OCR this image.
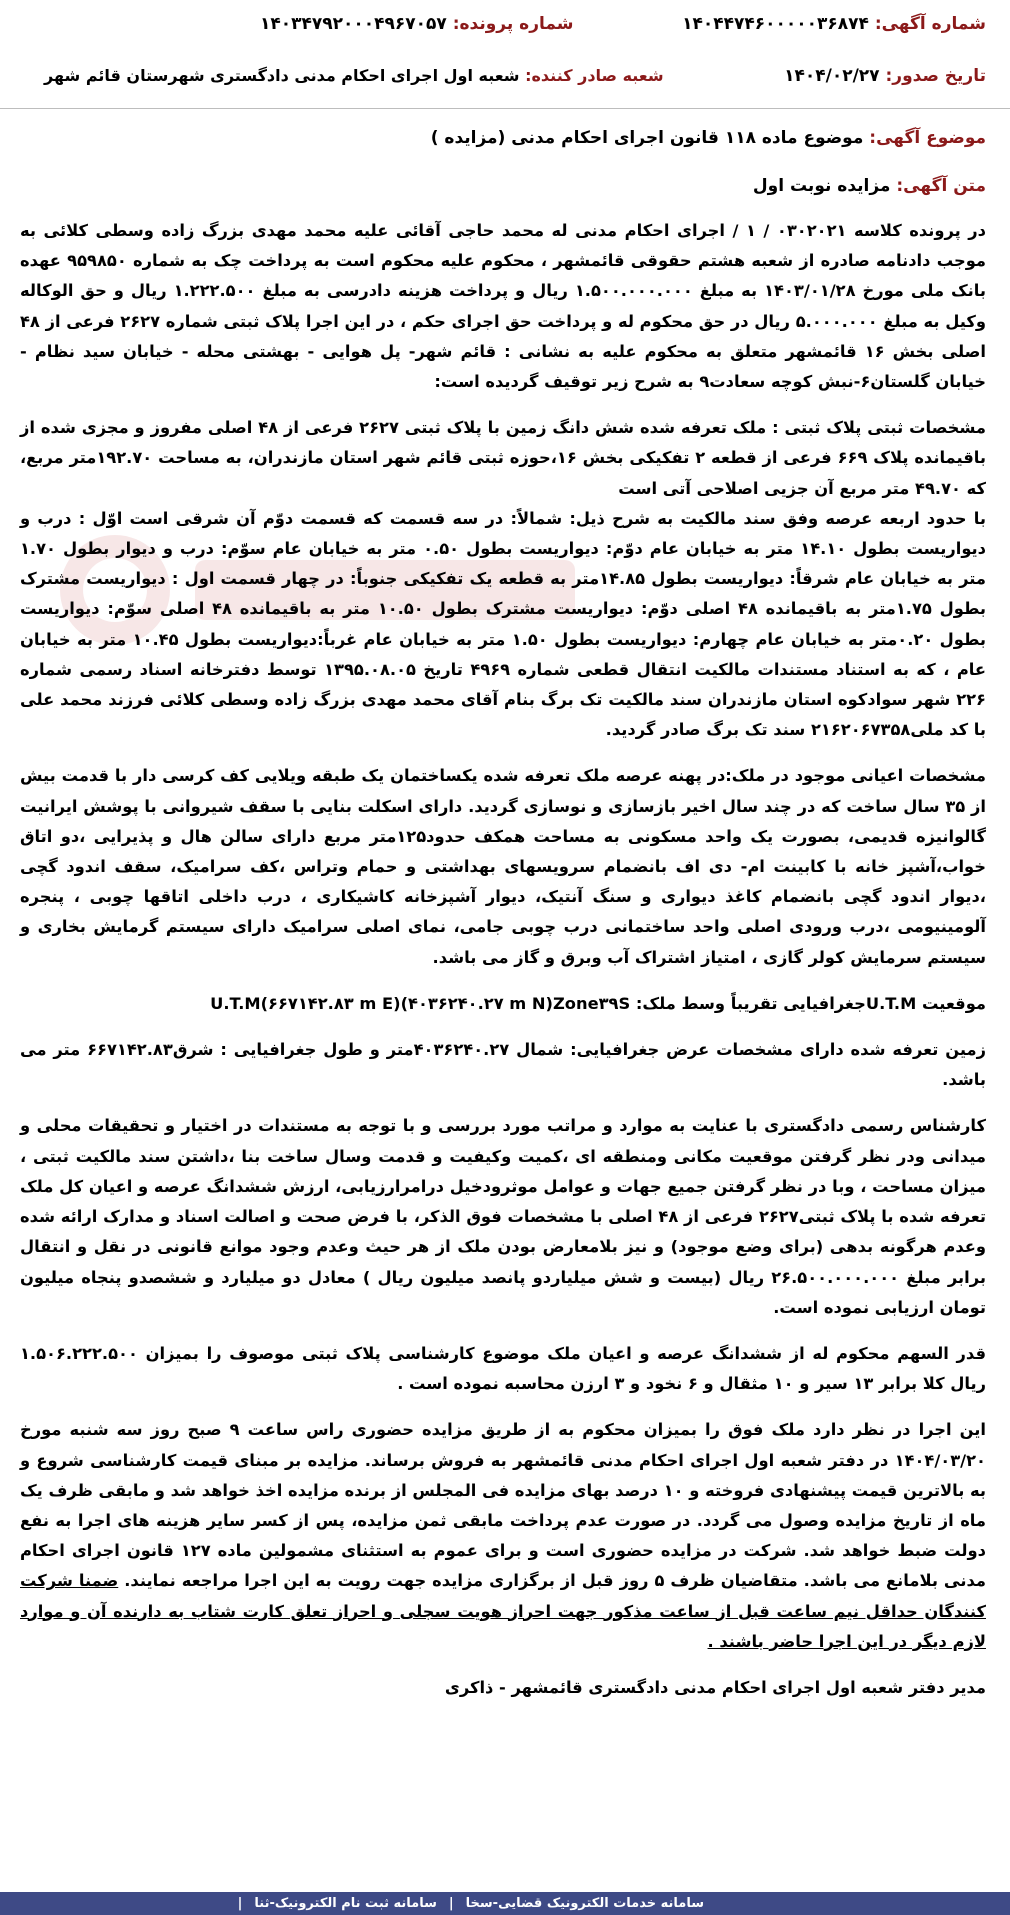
شماره آگهی: ۱۴۰۴۴۷۴۶۰۰۰۰۰۳۶۸۷۴
شماره پرونده: ۱۴۰۳۴۷۹۲۰۰۰۴۹۶۷۰۵۷
تاریخ صدور: ۱۴۰۴/۰۲/۲۷
شعبه صادر کننده: شعبه اول اجرای احکام مدنی دادگستری شهرستان قائم شهر
موضوع آگهی: موضوع ماده ۱۱۸ قانون اجرای احکام مدنی (مزایده )
متن آگهی: مزایده نوبت اول

در پرونده کلاسه ۰۳۰۲۰۲۱ / ۱ / اجرای احکام مدنی له محمد حاجی آقائی علیه محمد مهدی بزرگ زاده وسطی کلائی به موجب دادنامه صادره از شعبه هشتم حقوقی قائمشهر ، محکوم علیه محکوم است به پرداخت چک به شماره ۹۵۹۸۵۰ عهده بانک ملی مورخ ۱۴۰۳/۰۱/۲۸ به مبلغ ۱.۵۰۰.۰۰۰.۰۰۰ ریال و پرداخت هزینه دادرسی به مبلغ ۱.۲۲۲.۵۰۰ ریال و حق الوکاله وکیل به مبلغ ۵.۰۰۰.۰۰۰ ریال در حق محکوم له و پرداخت حق اجرای حکم ، در این اجرا پلاک ثبتی شماره ۲۶۲۷ فرعی از ۴۸ اصلی بخش ۱۶ قائمشهر متعلق به محکوم علیه به نشانی : قائم شهر- پل هوایی - بهشتی محله - خیابان سید نظام - خیابان گلستان۶-نبش کوچه سعادت۹ به شرح زیر توقیف گردیده است:

مشخصات ثبتی پلاک ثبتی : ملک تعرفه شده شش دانگ زمین با پلاک ثبتی ۲۶۲۷ فرعی از ۴۸ اصلی مفروز و مجزی شده از باقیمانده پلاک ۶۶۹ فرعی از قطعه ۲ تفکیکی بخش ۱۶،حوزه ثبتی قائم شهر استان مازندران، به مساحت ۱۹۲.۷۰متر مربع، که ۴۹.۷۰ متر مربع آن جزیی اصلاحی آتی است

با حدود اربعه عرصه وفق سند مالکیت به شرح ذیل: شمالاً: در سه قسمت که قسمت دوّم آن شرقی است اوّل : درب و دیواریست بطول ۱۴.۱۰ متر به خیابان عام دوّم: دیواریست بطول ۰.۵۰ متر به خیابان عام سوّم: درب و دیوار بطول ۱.۷۰ متر به خیابان عام شرقاً: دیواریست بطول ۱۴.۸۵متر به قطعه یک تفکیکی جنوباً: در چهار قسمت اول : دیواریست مشترک بطول ۱.۷۵متر به باقیمانده ۴۸ اصلی دوّم: دیواریست مشترک بطول ۱۰.۵۰ متر به باقیمانده ۴۸ اصلی سوّم: دیواریست بطول ۰.۲۰متر به خیابان عام چهارم: دیواریست بطول ۱.۵۰ متر به خیابان عام غرباً:دیواریست بطول ۱۰.۴۵ متر به خیابان عام ، که به استناد مستندات مالکیت انتقال قطعی شماره ۴۹۶۹ تاریخ ۱۳۹۵.۰۸.۰۵ توسط دفترخانه اسناد رسمی شماره ۲۲۶ شهر سوادکوه استان مازندران سند مالکیت تک برگ بنام آقای محمد مهدی بزرگ زاده وسطی کلائی فرزند محمد علی با کد ملی۲۱۶۲۰۶۷۳۵۸ سند تک برگ صادر گردید.

مشخصات اعیانی موجود در ملک:در پهنه عرصه ملک تعرفه شده یکساختمان یک طبقه ویلایی کف کرسی دار با قدمت بیش از ۳۵ سال ساخت که در چند سال اخیر بازسازی و نوسازی گردید. دارای اسکلت بنایی با سقف شیروانی با پوشش ایرانیت گالوانیزه قدیمی، بصورت یک واحد مسکونی به مساحت همکف حدود۱۲۵متر مربع دارای سالن هال و پذیرایی ،دو اتاق خواب،آشپز خانه با کابینت ام- دی اف بانضمام سرویسهای بهداشتی و حمام وتراس ،کف سرامیک، سقف اندود گچی ،دیوار اندود گچی بانضمام کاغذ دیواری و سنگ آنتیک، دیوار آشپزخانه کاشیکاری ، درب داخلی اتاقها چوبی ، پنجره آلومینیومی ،درب ورودی اصلی واحد ساختمانی درب چوبی جامی، نمای اصلی سرامیک دارای سیستم گرمایش بخاری و سیستم سرمایش کولر گازی ، امتیاز اشتراک آب وبرق و گاز می باشد.

موقعیت U.T.Mجغرافیایی تقریباً وسط ملک: U.T.M(۶۶۷۱۴۲.۸۳ m E)(۴۰۳۶۲۴۰.۲۷ m N)Zone۳۹S

زمین تعرفه شده دارای مشخصات عرض جغرافیایی: شمال ۴۰۳۶۲۴۰.۲۷متر و طول جغرافیایی : شرق۶۶۷۱۴۲.۸۳ متر می باشد.

کارشناس رسمی دادگستری با عنایت به موارد و مراتب مورد بررسی و با توجه به مستندات در اختیار و تحقیقات محلی و میدانی ودر نظر گرفتن موقعیت مکانی ومنطقه ای ،کمیت وکیفیت و قدمت وسال ساخت بنا ،داشتن سند مالکیت ثبتی ، میزان مساحت ، وبا در نظر گرفتن جمیع جهات و عوامل موثرودخیل درامرارزیابی، ارزش ششدانگ عرصه و اعیان کل ملک تعرفه شده با پلاک ثبتی۲۶۲۷ فرعی از ۴۸ اصلی با مشخصات فوق الذکر، با فرض صحت و اصالت اسناد و مدارک ارائه شده وعدم هرگونه بدهی (برای وضع موجود) و نیز بلامعارض بودن ملک از هر حیث وعدم وجود موانع قانونی در نقل و انتقال برابر مبلغ ۲۶.۵۰۰.۰۰۰.۰۰۰ ریال (بیست و شش میلیاردو پانصد میلیون ریال ) معادل دو میلیارد و ششصدو پنجاه میلیون تومان ارزیابی نموده است.

قدر السهم محکوم له از ششدانگ عرصه و اعیان ملک موضوع کارشناسی پلاک ثبتی موصوف را بمیزان ۱.۵۰۶.۲۲۲.۵۰۰ ریال کلا برابر ۱۳ سیر و ۱۰ مثقال و ۶ نخود و ۳ ارزن محاسبه نموده است .

این اجرا در نظر دارد ملک فوق را بمیزان محکوم به از طریق مزایده حضوری راس ساعت ۹ صبح روز سه شنبه مورخ ۱۴۰۴/۰۳/۲۰ در دفتر شعبه اول اجرای احکام مدنی قائمشهر به فروش برساند. مزایده بر مبنای قیمت کارشناسی شروع و به بالاترین قیمت پیشنهادی فروخته و ۱۰ درصد بهای مزایده فی المجلس از برنده مزایده اخذ خواهد شد و مابقی ظرف یک ماه از تاریخ مزایده وصول می گردد. در صورت عدم پرداخت مابقی ثمن مزایده، پس از کسر سایر هزینه های اجرا به نفع دولت ضبط خواهد شد. شرکت در مزایده حضوری است و برای عموم به استثنای مشمولین ماده ۱۲۷ قانون اجرای احکام مدنی بلامانع می باشد. متقاضیان ظرف ۵ روز قبل از برگزاری مزایده جهت رویت به این اجرا مراجعه نمایند. ضمنا شرکت کنندگان حداقل نیم ساعت قبل از ساعت مذکور جهت احراز هویت سجلی و احراز تعلق کارت شتاب به دارنده آن و موارد لازم دیگر در این اجرا حاضر باشند .

مدیر دفتر شعبه اول اجرای احکام مدنی دادگستری قائمشهر - ذاکری

سامانه خدمات الکترونیک قضایی-سخا
|
سامانه ثبت نام الکترونیک-ثنا
|
